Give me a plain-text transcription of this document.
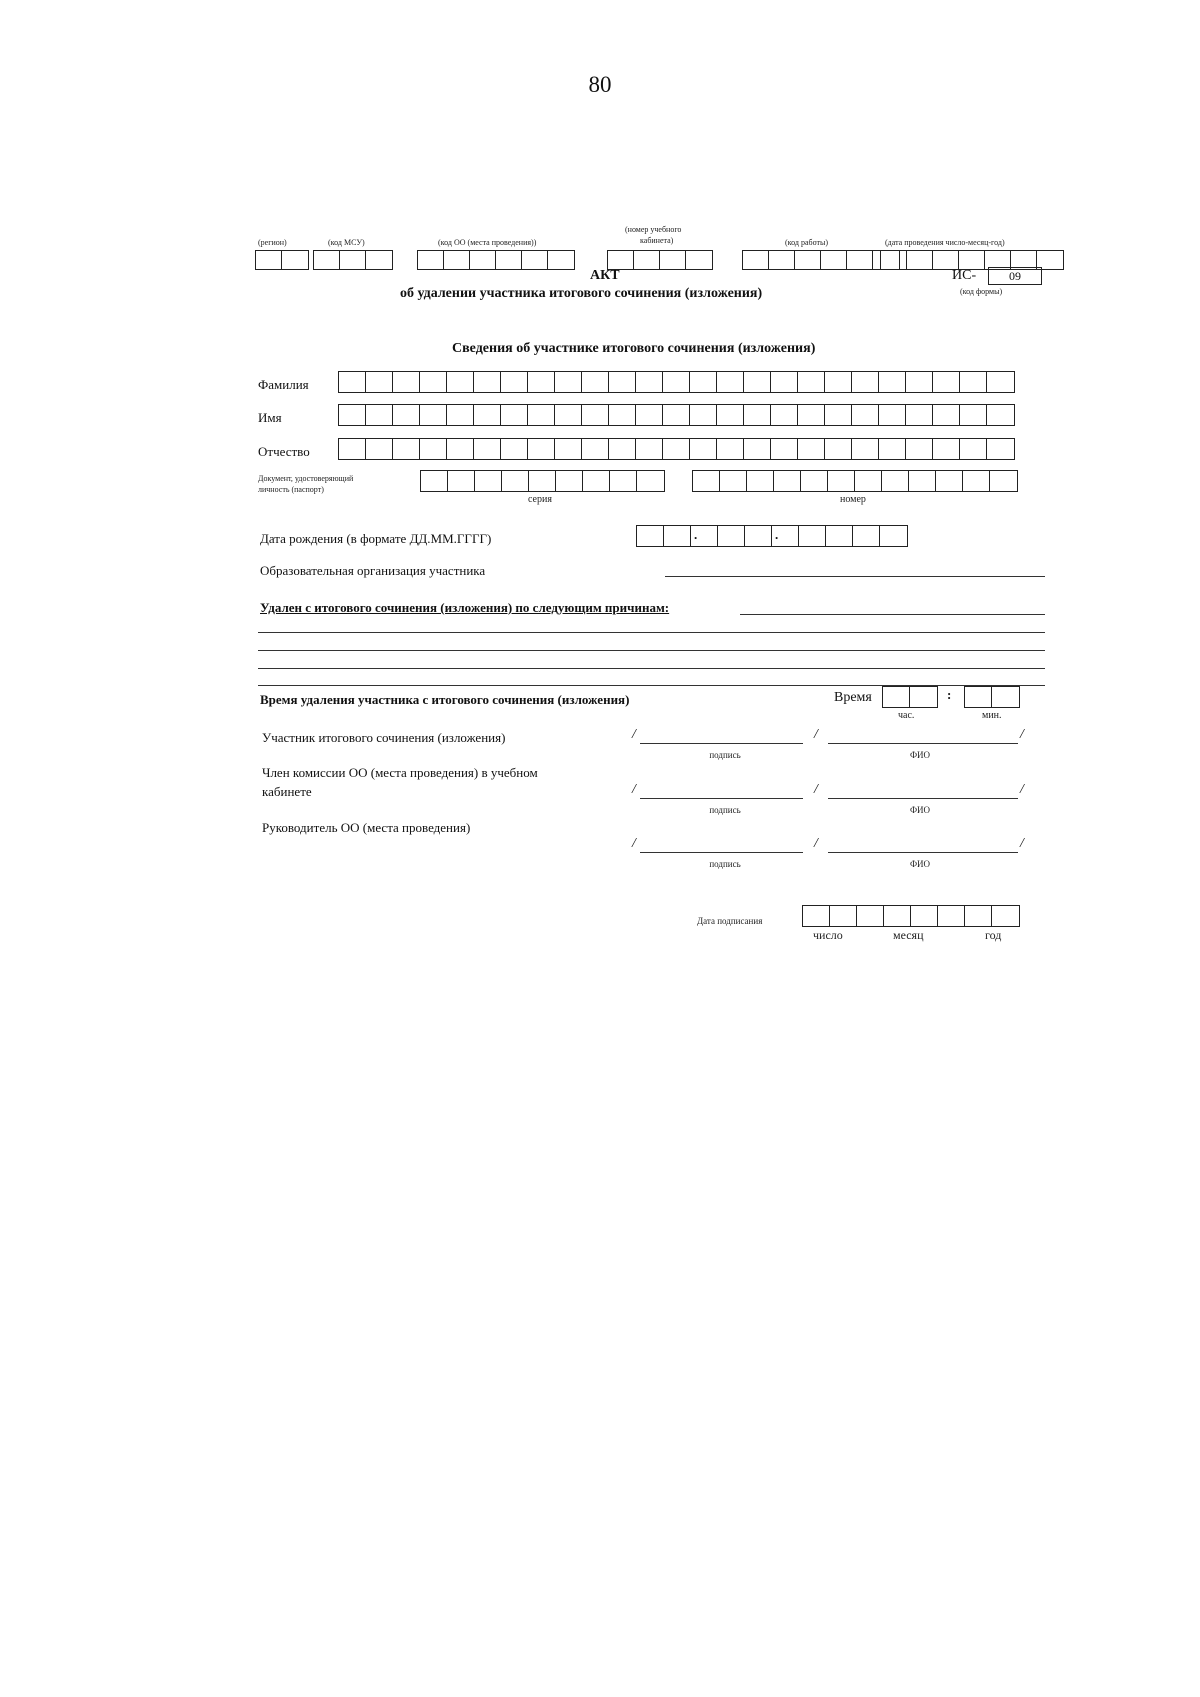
80
(регион)	(код МСУ)	(код ОО (места проведения))
(номер учебного
кабинета)	(код работы)	(дата проведения число-месяц-год)
ИС-	09
(код формы)
АКТ
об удалении участника итогового сочинения (изложения)
Сведения об участнике итогового сочинения (изложения)
Фамилия
Имя
Отчество
Документ, удостоверяющий
личность (паспорт)
серия	номер
Дата рождения (в формате ДД.ММ.ГГГГ)	.	.
Образовательная организация участника
Удален с итогового сочинения (изложения) по следующим причинам:
Время удаления участника с итогового сочинения (изложения)	Время	:
час.	мин.
Участник итогового сочинения (изложения)	/	/	/
подпись	ФИО
Член комиссии ОО (места проведения) в учебном
кабинете	/	/	/
подпись	ФИО
Руководитель ОО (места проведения)
/	/	/
подпись	ФИО
Дата подписания
число	месяц	год
